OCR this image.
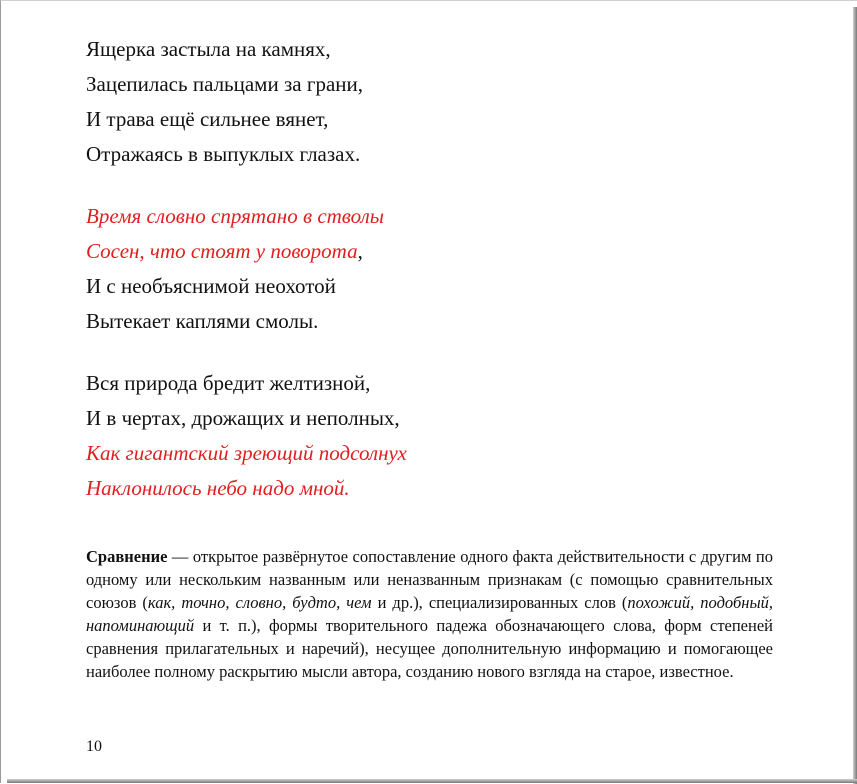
Ящерка застыла на камнях,
Зацепилась пальцами за грани,
И трава ещё сильнее вянет,
Отражаясь в выпуклых глазах.
Время словно спрятано в стволы
Сосен, что стоят у поворота,
И с необъяснимой неохотой
Вытекает каплями смолы.
Вся природа бредит желтизной,
И в чертах, дрожащих и неполных,
Как гигантский зреющий подсолнух
Наклонилось небо надо мной.

Сравнение — открытое развёрнутое сопоставление одного факта действительности с другим по одному или нескольким названным или неназванным признакам (с помощью сравнительных союзов (как, точно, словно, будто, чем и др.), специализированных слов (похожий, подобный, напоминающий и т. п.), формы творительного падежа обозначающего слова, форм степеней сравнения прилагательных и наречий), несущее дополнительную информацию и помогающее наиболее полному раскрытию мысли автора, созданию нового взгляда на старое, известное.

10
